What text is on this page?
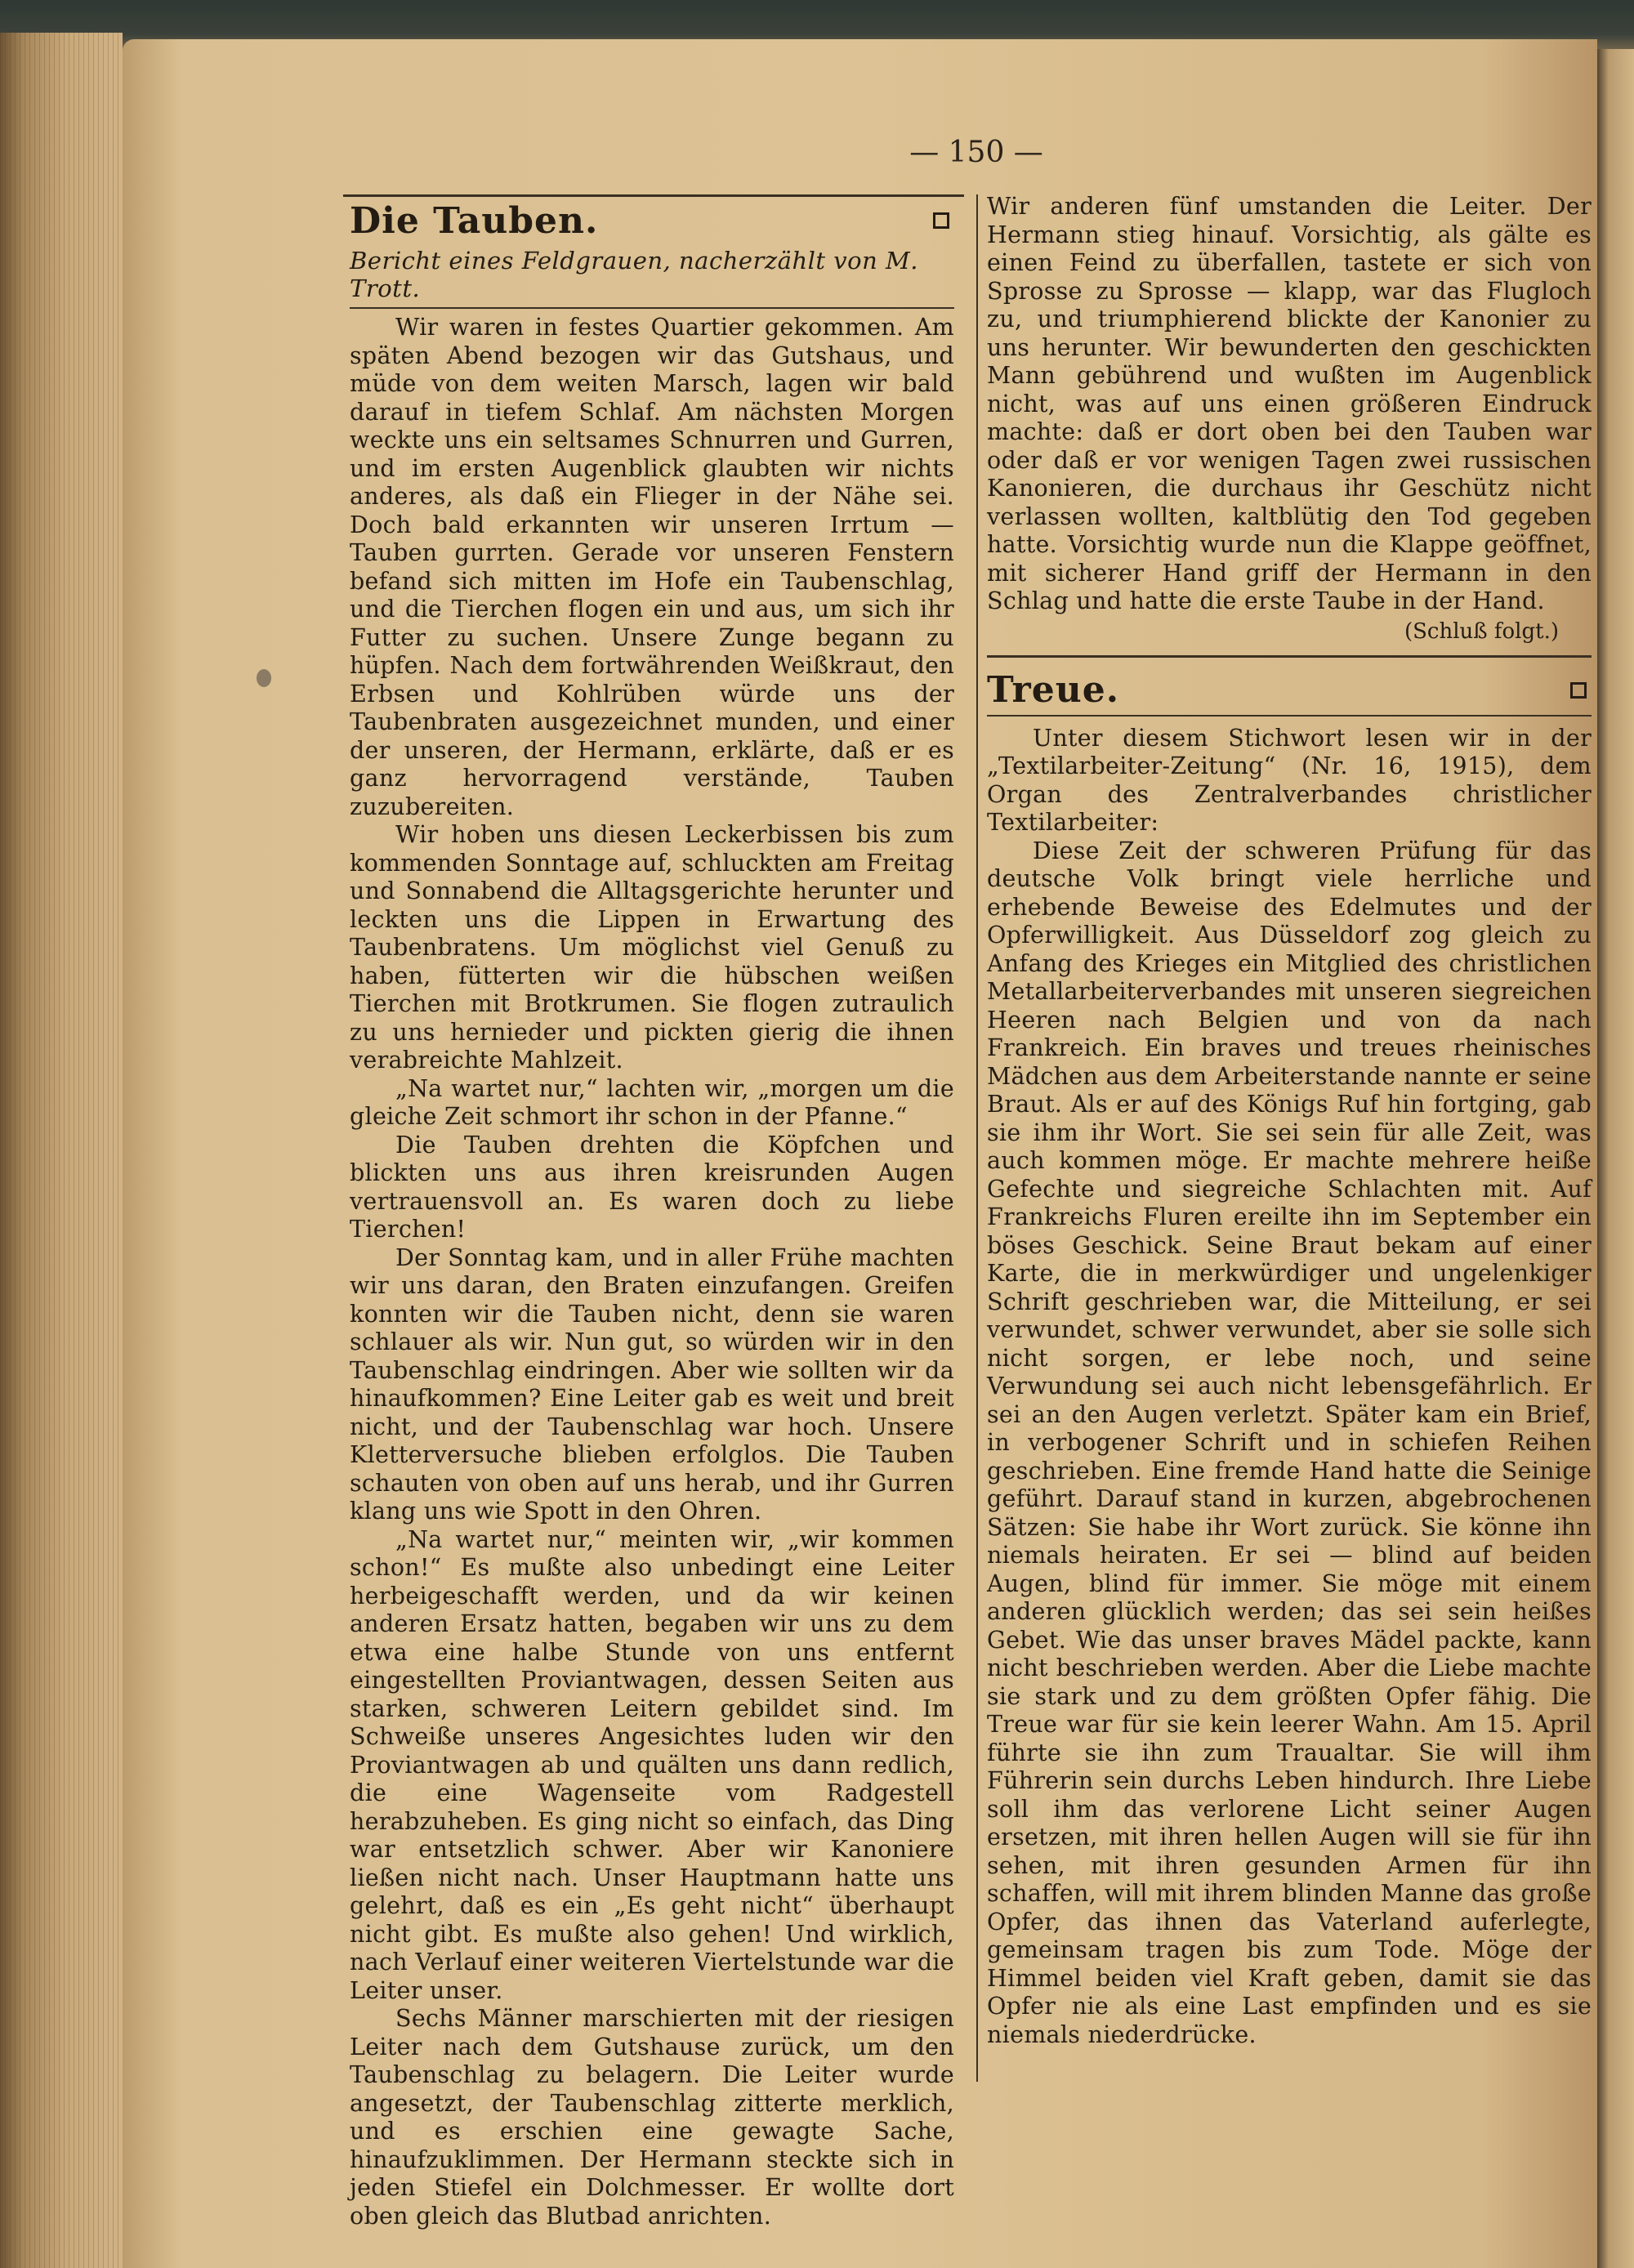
— 150 —
Die Tauben.
Bericht eines Feldgrauen, nacherzählt von M. Trott.

Wir waren in festes Quartier gekommen. Am späten Abend bezogen wir das Gutshaus, und müde von dem weiten Marsch, lagen wir bald darauf in tiefem Schlaf. Am nächsten Morgen weckte uns ein seltsames Schnurren und Gurren, und im ersten Augenblick glaubten wir nichts anderes, als daß ein Flieger in der Nähe sei. Doch bald erkannten wir unseren Irrtum — Tauben gurrten. Gerade vor unseren Fenstern befand sich mitten im Hofe ein Taubenschlag, und die Tierchen flogen ein und aus, um sich ihr Futter zu suchen. Unsere Zunge begann zu hüpfen. Nach dem fortwährenden Weißkraut, den Erbsen und Kohlrüben würde uns der Taubenbraten ausgezeichnet munden, und einer der unseren, der Hermann, erklärte, daß er es ganz hervorragend verstände, Tauben zuzubereiten.

Wir hoben uns diesen Leckerbissen bis zum kommenden Sonntage auf, schluckten am Freitag und Sonnabend die Alltagsgerichte herunter und leckten uns die Lippen in Erwartung des Taubenbratens. Um möglichst viel Genuß zu haben, fütterten wir die hübschen weißen Tierchen mit Brotkrumen. Sie flogen zutraulich zu uns hernieder und pickten gierig die ihnen verabreichte Mahlzeit.

„Na wartet nur,“ lachten wir, „morgen um die gleiche Zeit schmort ihr schon in der Pfanne.“

Die Tauben drehten die Köpfchen und blickten uns aus ihren kreisrunden Augen vertrauensvoll an. Es waren doch zu liebe Tierchen!

Der Sonntag kam, und in aller Frühe machten wir uns daran, den Braten einzufangen. Greifen konnten wir die Tauben nicht, denn sie waren schlauer als wir. Nun gut, so würden wir in den Taubenschlag eindringen. Aber wie sollten wir da hinaufkommen? Eine Leiter gab es weit und breit nicht, und der Taubenschlag war hoch. Unsere Kletterversuche blieben erfolglos. Die Tauben schauten von oben auf uns herab, und ihr Gurren klang uns wie Spott in den Ohren.

„Na wartet nur,“ meinten wir, „wir kommen schon!“ Es mußte also unbedingt eine Leiter herbeigeschafft werden, und da wir keinen anderen Ersatz hatten, begaben wir uns zu dem etwa eine halbe Stunde von uns entfernt eingestellten Proviantwagen, dessen Seiten aus starken, schweren Leitern gebildet sind. Im Schweiße unseres Angesichtes luden wir den Proviantwagen ab und quälten uns dann redlich, die eine Wagenseite vom Radgestell herabzuheben. Es ging nicht so einfach, das Ding war entsetzlich schwer. Aber wir Kanoniere ließen nicht nach. Unser Hauptmann hatte uns gelehrt, daß es ein „Es geht nicht“ überhaupt nicht gibt. Es mußte also gehen! Und wirklich, nach Verlauf einer weiteren Viertelstunde war die Leiter unser.

Sechs Männer marschierten mit der riesigen Leiter nach dem Gutshause zurück, um den Taubenschlag zu belagern. Die Leiter wurde angesetzt, der Taubenschlag zitterte merklich, und es erschien eine gewagte Sache, hinaufzuklimmen. Der Hermann steckte sich in jeden Stiefel ein Dolchmesser. Er wollte dort oben gleich das Blutbad anrichten.

Wir anderen fünf umstanden die Leiter. Der Hermann stieg hinauf. Vorsichtig, als gälte es einen Feind zu überfallen, tastete er sich von Sprosse zu Sprosse — klapp, war das Flugloch zu, und triumphierend blickte der Kanonier zu uns herunter. Wir bewunderten den geschickten Mann gebührend und wußten im Augenblick nicht, was auf uns einen größeren Eindruck machte: daß er dort oben bei den Tauben war oder daß er vor wenigen Tagen zwei russischen Kanonieren, die durchaus ihr Geschütz nicht verlassen wollten, kaltblütig den Tod gegeben hatte. Vorsichtig wurde nun die Klappe geöffnet, mit sicherer Hand griff der Hermann in den Schlag und hatte die erste Taube in der Hand.

(Schluß folgt.)
Treue.

Unter diesem Stichwort lesen wir in der „Textilarbeiter-Zeitung“ (Nr. 16, 1915), dem Organ des Zentralverbandes christlicher Textilarbeiter:

Diese Zeit der schweren Prüfung für das deutsche Volk bringt viele herrliche und erhebende Beweise des Edelmutes und der Opferwilligkeit. Aus Düsseldorf zog gleich zu Anfang des Krieges ein Mitglied des christlichen Metallarbeiterverbandes mit unseren siegreichen Heeren nach Belgien und von da nach Frankreich. Ein braves und treues rheinisches Mädchen aus dem Arbeiterstande nannte er seine Braut. Als er auf des Königs Ruf hin fortging, gab sie ihm ihr Wort. Sie sei sein für alle Zeit, was auch kommen möge. Er machte mehrere heiße Gefechte und siegreiche Schlachten mit. Auf Frankreichs Fluren ereilte ihn im September ein böses Geschick. Seine Braut bekam auf einer Karte, die in merkwürdiger und ungelenkiger Schrift geschrieben war, die Mitteilung, er sei verwundet, schwer verwundet, aber sie solle sich nicht sorgen, er lebe noch, und seine Verwundung sei auch nicht lebensgefährlich. Er sei an den Augen verletzt. Später kam ein Brief, in verbogener Schrift und in schiefen Reihen geschrieben. Eine fremde Hand hatte die Seinige geführt. Darauf stand in kurzen, abgebrochenen Sätzen: Sie habe ihr Wort zurück. Sie könne ihn niemals heiraten. Er sei — blind auf beiden Augen, blind für immer. Sie möge mit einem anderen glücklich werden; das sei sein heißes Gebet. Wie das unser braves Mädel packte, kann nicht beschrieben werden. Aber die Liebe machte sie stark und zu dem größten Opfer fähig. Die Treue war für sie kein leerer Wahn. Am 15. April führte sie ihn zum Traualtar. Sie will ihm Führerin sein durchs Leben hindurch. Ihre Liebe soll ihm das verlorene Licht seiner Augen ersetzen, mit ihren hellen Augen will sie für ihn sehen, mit ihren gesunden Armen für ihn schaffen, will mit ihrem blinden Manne das große Opfer, das ihnen das Vaterland auferlegte, gemeinsam tragen bis zum Tode. Möge der Himmel beiden viel Kraft geben, damit sie das Opfer nie als eine Last empfinden und es sie niemals niederdrücke.
